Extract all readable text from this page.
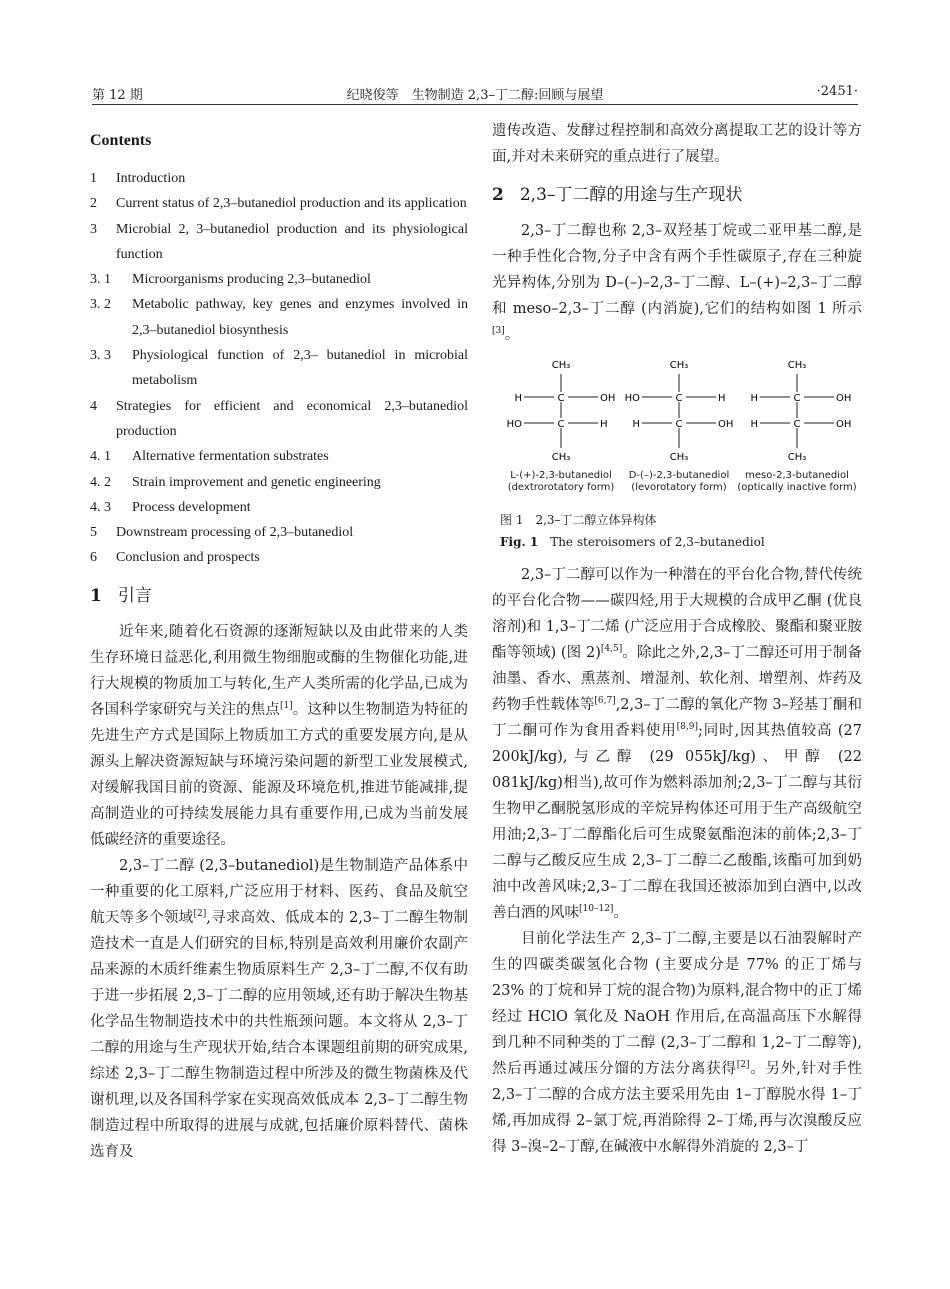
第 12 期	纪晓俊等　生物制造 2,3–丁二醇:回顾与展望	·2451·
Contents
1	Introduction
2	Current status of 2,3–butanediol production and its application
3	Microbial 2, 3–butanediol production and its physiological function
3. 1	Microorganisms producing 2,3–butanediol
3. 2	Metabolic pathway, key genes and enzymes involved in 2,3–butanediol biosynthesis
3. 3	Physiological function of 2,3– butanediol in microbial metabolism
4	Strategies for efficient and economical 2,3–butanediol production
4. 1	Alternative fermentation substrates
4. 2	Strain improvement and genetic engineering
4. 3	Process development
5	Downstream processing of 2,3–butanediol
6	Conclusion and prospects
1 引言

近年来,随着化石资源的逐渐短缺以及由此带来的人类生存环境日益恶化,利用微生物细胞或酶的生物催化功能,进行大规模的物质加工与转化,生产人类所需的化学品,已成为各国科学家研究与关注的焦点[1]。这种以生物制造为特征的先进生产方式是国际上物质加工方式的重要发展方向,是从源头上解决资源短缺与环境污染问题的新型工业发展模式,对缓解我国目前的资源、能源及环境危机,推进节能减排,提高制造业的可持续发展能力具有重要作用,已成为当前发展低碳经济的重要途径。

2,3–丁二醇 (2,3–butanediol)是生物制造产品体系中一种重要的化工原料,广泛应用于材料、医药、食品及航空航天等多个领域[2],寻求高效、低成本的 2,3–丁二醇生物制造技术一直是人们研究的目标,特别是高效利用廉价农副产品来源的木质纤维素生物质原料生产 2,3–丁二醇,不仅有助于进一步拓展 2,3–丁二醇的应用领域,还有助于解决生物基化学品生物制造技术中的共性瓶颈问题。本文将从 2,3–丁二醇的用途与生产现状开始,结合本课题组前期的研究成果,综述 2,3–丁二醇生物制造过程中所涉及的微生物菌株及代谢机理,以及各国科学家在实现高效低成本 2,3–丁二醇生物制造过程中所取得的进展与成就,包括廉价原料替代、菌株选育及

遗传改造、发酵过程控制和高效分离提取工艺的设计等方面,并对未来研究的重点进行了展望。

2 2,3–丁二醇的用途与生产现状

2,3–丁二醇也称 2,3–双羟基丁烷或二亚甲基二醇,是一种手性化合物,分子中含有两个手性碳原子,存在三种旋光异构体,分别为 D–(–)–2,3–丁二醇、L–(+)–2,3–丁二醇和 meso–2,3–丁二醇 (内消旋),它们的结构如图 1 所示[3]。

CH₃
C
C
H	OH
HO	H
CH₃
L-(+)-2,3-butanediol
(dextrorotatory form)
CH₃
C
C
HO	H
H	OH
CH₃
D-(–)-2,3-butanediol
(levorotatory form)
CH₃
C
C
H	OH
H	OH
CH₃
meso-2,3-butanediol
(optically inactive form)
图 1　 2,3–丁二醇立体异构体
Fig. 1　 The steroisomers of 2,3–butanediol

2,3–丁二醇可以作为一种潜在的平台化合物,替代传统的平台化合物——碳四烃,用于大规模的合成甲乙酮 (优良溶剂)和 1,3–丁二烯 (广泛应用于合成橡胶、聚酯和聚亚胺酯等领域) (图 2)[4,5]。除此之外,2,3–丁二醇还可用于制备油墨、香水、熏蒸剂、增湿剂、软化剂、增塑剂、炸药及药物手性载体等[6,7],2,3–丁二醇的氧化产物 3–羟基丁酮和丁二酮可作为食用香料使用[8,9];同时,因其热值较高 (27 200kJ/kg),与乙醇 (29 055kJ/kg)、甲醇 (22 081kJ/kg)相当),故可作为燃料添加剂;2,3–丁二醇与其衍生物甲乙酮脱氢形成的辛烷异构体还可用于生产高级航空用油;2,3–丁二醇酯化后可生成聚氨酯泡沫的前体;2,3–丁二醇与乙酸反应生成 2,3–丁二醇二乙酸酯,该酯可加到奶油中改善风味;2,3–丁二醇在我国还被添加到白酒中,以改善白酒的风味[10–12]。

目前化学法生产 2,3–丁二醇,主要是以石油裂解时产生的四碳类碳氢化合物 (主要成分是 77% 的正丁烯与 23% 的丁烷和异丁烷的混合物)为原料,混合物中的正丁烯经过 HClO 氧化及 NaOH 作用后,在高温高压下水解得到几种不同种类的丁二醇 (2,3–丁二醇和 1,2–丁二醇等),然后再通过减压分馏的方法分离获得[2]。另外,针对手性 2,3–丁二醇的合成方法主要采用先由 1–丁醇脱水得 1–丁烯,再加成得 2–氯丁烷,再消除得 2–丁烯,再与次溴酸反应得 3–溴–2–丁醇,在碱液中水解得外消旋的 2,3–丁
